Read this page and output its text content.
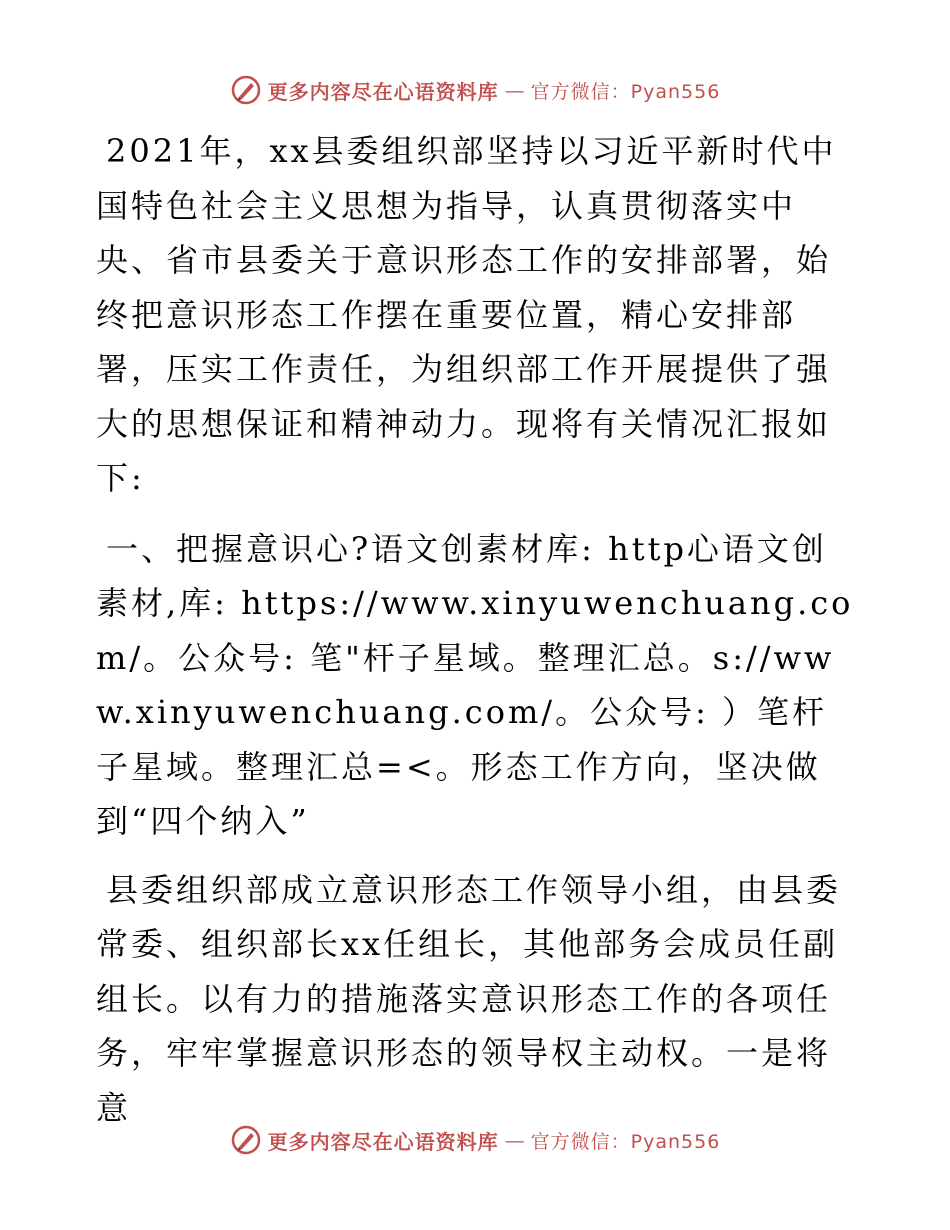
更多内容尽在心语资料库 — 官方微信：Pyan556

2021年，xx县委组织部坚持以习近平新时代中国特色社会主义思想为指导，认真贯彻落实中央、省市县委关于意识形态工作的安排部署，始终把意识形态工作摆在重要位置，精心安排部署，压实工作责任，为组织部工作开展提供了强大的思想保证和精神动力。现将有关情况汇报如下:

一、把握意识心?语文创素材库: http心语文创素材,库: https://www.xinyuwenchuang.com/。公众号: 笔"杆子星域。整理汇总。s://www.xinyuwenchuang.com/。公众号: ）笔杆子星域。整理汇总=<。形态工作方向，坚决做到“四个纳入”

县委组织部成立意识形态工作领导小组，由县委常委、组织部长xx任组长，其他部务会成员任副组长。以有力的措施落实意识形态工作的各项任务，牢牢掌握意识形态的领导权主动权。一是将意

更多内容尽在心语资料库 — 官方微信：Pyan556
